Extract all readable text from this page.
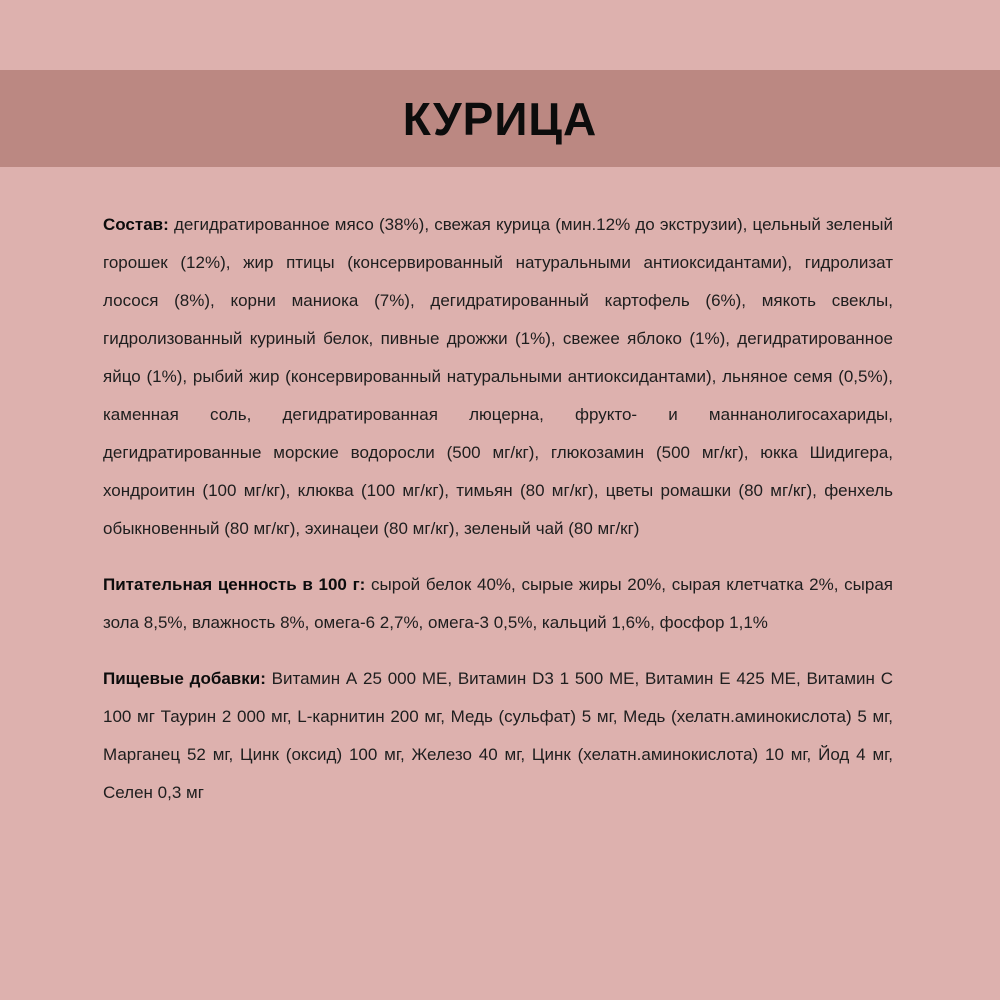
КУРИЦА

Состав: дегидратированное мясо (38%), свежая курица (мин.12% до экструзии), цельный зеленый горошек (12%), жир птицы (консервированный натуральными антиоксидантами), гидролизат лосося (8%), корни маниока (7%), дегидратированный картофель (6%), мякоть свеклы, гидролизованный куриный белок, пивные дрожжи (1%), свежее яблоко (1%), дегидратированное яйцо (1%), рыбий жир (консервированный натуральными антиоксидантами), льняное семя (0,5%), каменная соль, дегидратированная люцерна, фрукто- и маннанолигосахариды, дегидратированные морские водоросли (500 мг/кг), глюкозамин (500 мг/кг), юкка Шидигера, хондроитин (100 мг/кг), клюква (100 мг/кг), тимьян (80 мг/кг), цветы ромашки (80 мг/кг), фенхель обыкновенный (80 мг/кг), эхинацеи (80 мг/кг), зеленый чай (80 мг/кг)

Питательная ценность в 100 г: сырой белок 40%, сырые жиры 20%, сырая клетчатка 2%, сырая зола 8,5%, влажность 8%, омега-6 2,7%, омега-3 0,5%, кальций 1,6%, фосфор 1,1%

Пищевые добавки: Витамин А 25 000 МЕ, Витамин D3 1 500 МЕ, Витамин Е 425 МЕ, Витамин С 100 мг Таурин 2 000 мг, L-карнитин 200 мг, Медь (сульфат) 5 мг, Медь (хелатн.аминокислота) 5 мг, Марганец 52 мг, Цинк (оксид) 100 мг, Железо 40 мг, Цинк (хелатн.аминокислота) 10 мг, Йод 4 мг, Селен 0,3 мг
